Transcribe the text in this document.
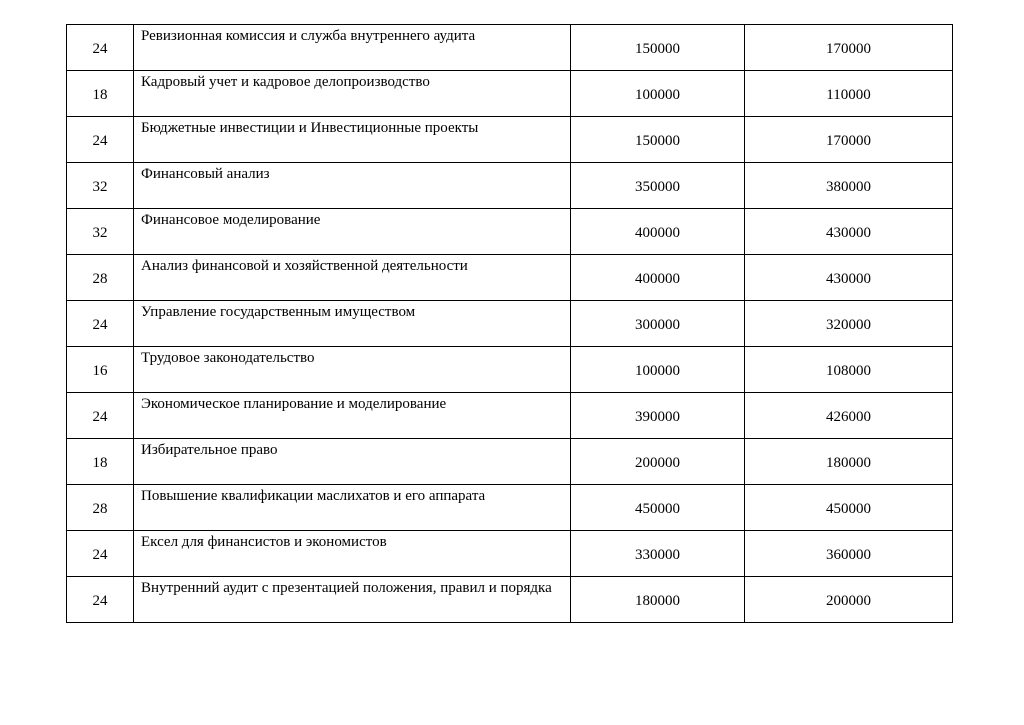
24	Ревизионная комиссия и служба внутреннего аудита	150000	170000
18	Кадровый учет и кадровое делопроизводство	100000	110000
24	Бюджетные инвестиции и Инвестиционные проекты	150000	170000
32	Финансовый анализ	350000	380000
32	Финансовое моделирование	400000	430000
28	Анализ финансовой и хозяйственной деятельности	400000	430000
24	Управление государственным имуществом	300000	320000
16	Трудовое законодательство	100000	108000
24	Экономическое планирование и моделирование	390000	426000
18	Избирательное право	200000	180000
28	Повышение квалификации маслихатов и его аппарата	450000	450000
24	Ексел для финансистов и экономистов	330000	360000
24	Внутренний аудит с презентацией положения, правил и порядка	180000	200000
